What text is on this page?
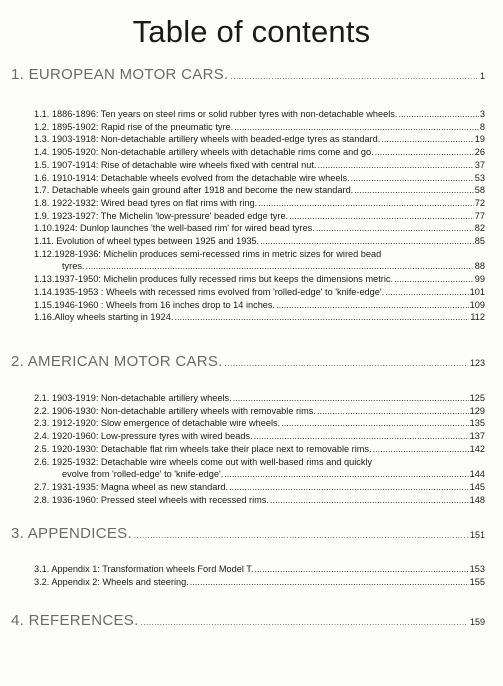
Table of contents
1. EUROPEAN MOTOR CARS. .....	1
1.1. 1886-1896: Ten years on steel rims or solid rubber tyres with non-detachable wheels. .....	3
1.2. 1895-1902: Rapid rise of the pneumatic tyre. .....	8
1.3. 1903-1918: Non-detachable artillery wheels with beaded-edge tyres as standard. .....	19
1.4. 1905-1920: Non-detachable artillery wheels with detachable rims come and go. .....	26
1.5. 1907-1914: Rise of detachable wire wheels fixed with central nut. .....	37
1.6. 1910-1914: Detachable wheels evolved from the detachable wire wheels. .....	53
1.7. Detachable wheels gain ground after 1918 and become the new standard. .....	58
1.8. 1922-1932: Wired bead tyres on flat rims with ring. .....	72
1.9. 1923-1927: The Michelin 'low-pressure' beaded edge tyre. .....	77
1.10.1924: Dunlop launches 'the well-based rim' for wired bead tyres. .....	82
1.11. Evolution of wheel types between 1925 and 1935. .....	85
1.12.1928-1936: Michelin produces semi-recessed rims in metric sizes for wired bead
tyres. .....	88
1.13.1937-1950: Michelin produces fully recessed rims but keeps the dimensions metric. .....	99
1.14.1935-1953 : Wheels with recessed rims evolved from 'rolled-edge' to 'knife-edge'. .....	101
1.15.1946-1960 : Wheels from 16 inches drop to 14 inches. .....	109
1.16.Alloy wheels starting in 1924. .....	112
2. AMERICAN MOTOR CARS. .....	123
2.1. 1903-1919: Non-detachable artillery wheels. .....	125
2.2. 1906-1930: Non-detachable artillery wheels with removable rims. .....	129
2.3. 1912-1920: Slow emergence of detachable wire wheels. .....	135
2.4. 1920-1960: Low-pressure tyres with wired beads. .....	137
2.5. 1920-1930: Detachable flat rim wheels take their place next to removable rims. .....	142
2.6. 1925-1932: Detachable wire wheels come out with well-based rims and quickly
evolve from 'rolled-edge' to 'knife-edge'. .....	144
2.7. 1931-1935: Magna wheel as new standard. .....	145
2.8. 1936-1960: Pressed steel wheels with recessed rims. .....	148
3. APPENDICES. .....	151
3.1. Appendix 1: Transformation wheels Ford Model T. .....	153
3.2. Appendix 2: Wheels and steering. .....	155
4. REFERENCES. .....	159
